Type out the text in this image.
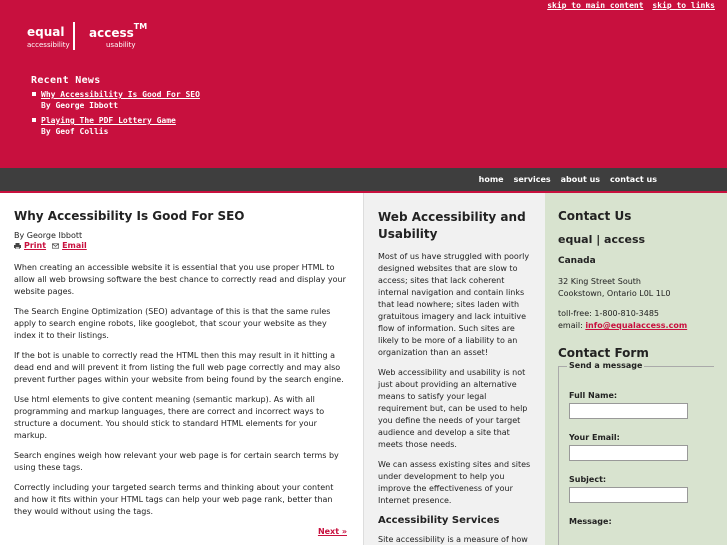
skip to main content skip to links
equal
accessibility
access™
usability
Recent News
Why Accessibility Is Good For SEO
By George Ibbott
Playing The PDF Lottery Game
By Geof Collis
home services about us contact us
Why Accessibility Is Good For SEO
By George Ibbott
Print Email

When creating an accessible website it is essential that you use proper HTML to allow all web browsing software the best chance to correctly read and display your website pages.

The Search Engine Optimization (SEO) advantage of this is that the same rules apply to search engine robots, like googlebot, that scour your website as they index it to their listings.

If the bot is unable to correctly read the HTML then this may result in it hitting a dead end and will prevent it from listing the full web page correctly and may also prevent further pages within your website from being found by the search engine.

Use html elements to give content meaning (semantic markup). As with all programming and markup languages, there are correct and incorrect ways to structure a document. You should stick to standard HTML elements for your markup.

Search engines weigh how relevant your web page is for certain search terms by using these tags.

Correctly including your targeted search terms and thinking about your content and how it fits within your HTML tags can help your web page rank, better than they would without using the tags.

Next »
Web Accessibility and Usability

Most of us have struggled with poorly designed websites that are slow to access; sites that lack coherent internal navigation and contain links that lead nowhere; sites laden with gratuitous imagery and lack intuitive flow of information. Such sites are likely to be more of a liability to an organization than an asset!

Web accessibility and usability is not just about providing an alternative means to satisfy your legal requirement but, can be used to help you define the needs of your target audience and develop a site that meets those needs.

We can assess existing sites and sites under development to help you improve the effectiveness of your Internet presence.

Accessibility Services

Site accessibility is a measure of how

Contact Us
equal | access
Canada
32 King Street South
Cookstown, Ontario L0L 1L0
toll-free: 1-800-810-3485
email: info@equalaccess.com
Contact Form
Send a message
Full Name:
Your Email:
Subject:
Message:
